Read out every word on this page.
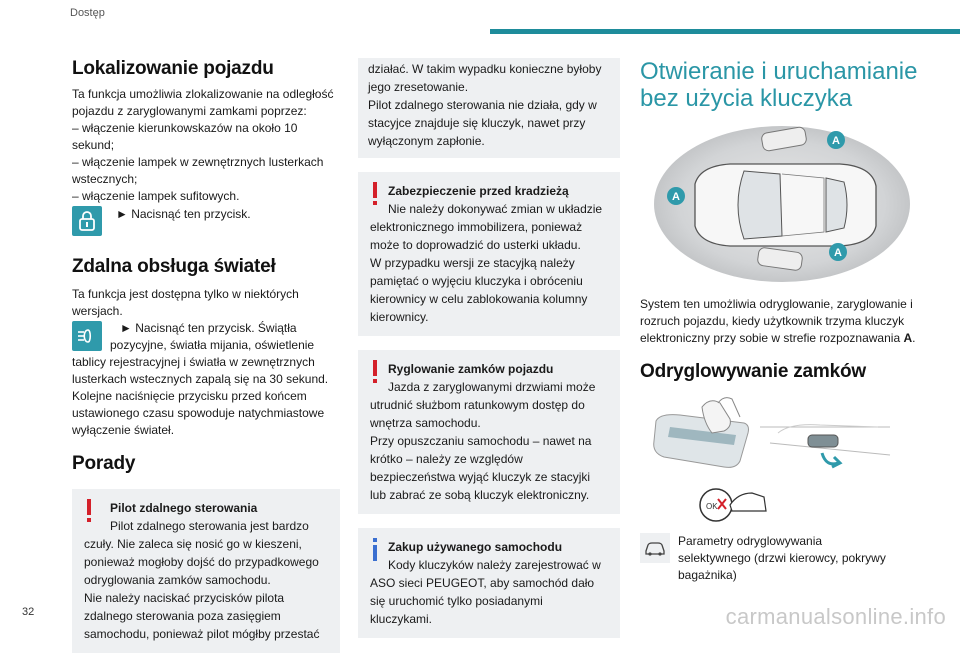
Dostęp
Lokalizowanie pojazdu
Ta funkcja umożliwia zlokalizowanie na odległość pojazdu z zaryglowanymi zamkami poprzez:
– włączenie kierunkowskazów na około 10 sekund;
– włączenie lampek w zewnętrznych lusterkach wstecznych;
– włączenie lampek sufitowych.
► Nacisnąć ten przycisk.
Zdalna obsługa świateł
Ta funkcja jest dostępna tylko w niektórych wersjach.
► Nacisnąć ten przycisk. Świątła pozycyjne, światła mijania, oświetlenie tablicy rejestracyjnej i światła w zewnętrznych lusterkach wstecznych zapalą się na 30 sekund. Kolejne naciśnięcie przycisku przed końcem ustawionego czasu spowoduje natychmiastowe wyłączenie świateł.
Porady

Pilot zdalnego sterowania

Pilot zdalnego sterowania jest bardzo czuły. Nie zaleca się nosić go w kieszeni, ponieważ mogłoby dojść do przypadkowego odryglowania zamków samochodu.
Nie należy naciskać przycisków pilota zdalnego sterowania poza zasięgiem samochodu, ponieważ pilot mógłby przestać

działać. W takim wypadku konieczne byłoby jego zresetowanie.
Pilot zdalnego sterowania nie działa, gdy w stacyjce znajduje się kluczyk, nawet przy wyłączonym zapłonie.

Zabezpieczenie przed kradzieżą

Nie należy dokonywać zmian w układzie elektronicznego immobilizera, ponieważ może to doprowadzić do usterki układu.
W przypadku wersji ze stacyjką należy pamiętać o wyjęciu kluczyka i obróceniu kierownicy w celu zablokowania kolumny kierownicy.

Ryglowanie zamków pojazdu

Jazda z zaryglowanymi drzwiami może utrudnić służbom ratunkowym dostęp do wnętrza samochodu.
Przy opuszczaniu samochodu – nawet na krótko – należy ze względów bezpieczeństwa wyjąć kluczyk ze stacyjki lub zabrać ze sobą kluczyk elektroniczny.

Zakup używanego samochodu

Kody kluczyków należy zarejestrować w ASO sieci PEUGEOT, aby samochód dało się uruchomić tylko posiadanymi kluczykami.

Otwieranie i uruchamianie bez użycia kluczyka
A
A
A
System ten umożliwia odryglowanie, zaryglowanie i rozruch pojazdu, kiedy użytkownik trzyma kluczyk elektroniczny przy sobie w strefie rozpoznawania A.
Odryglowywanie zamków
OK
Parametry odryglowywania selektywnego (drzwi kierowcy, pokrywy bagażnika)
32	carmanualsonline.info
